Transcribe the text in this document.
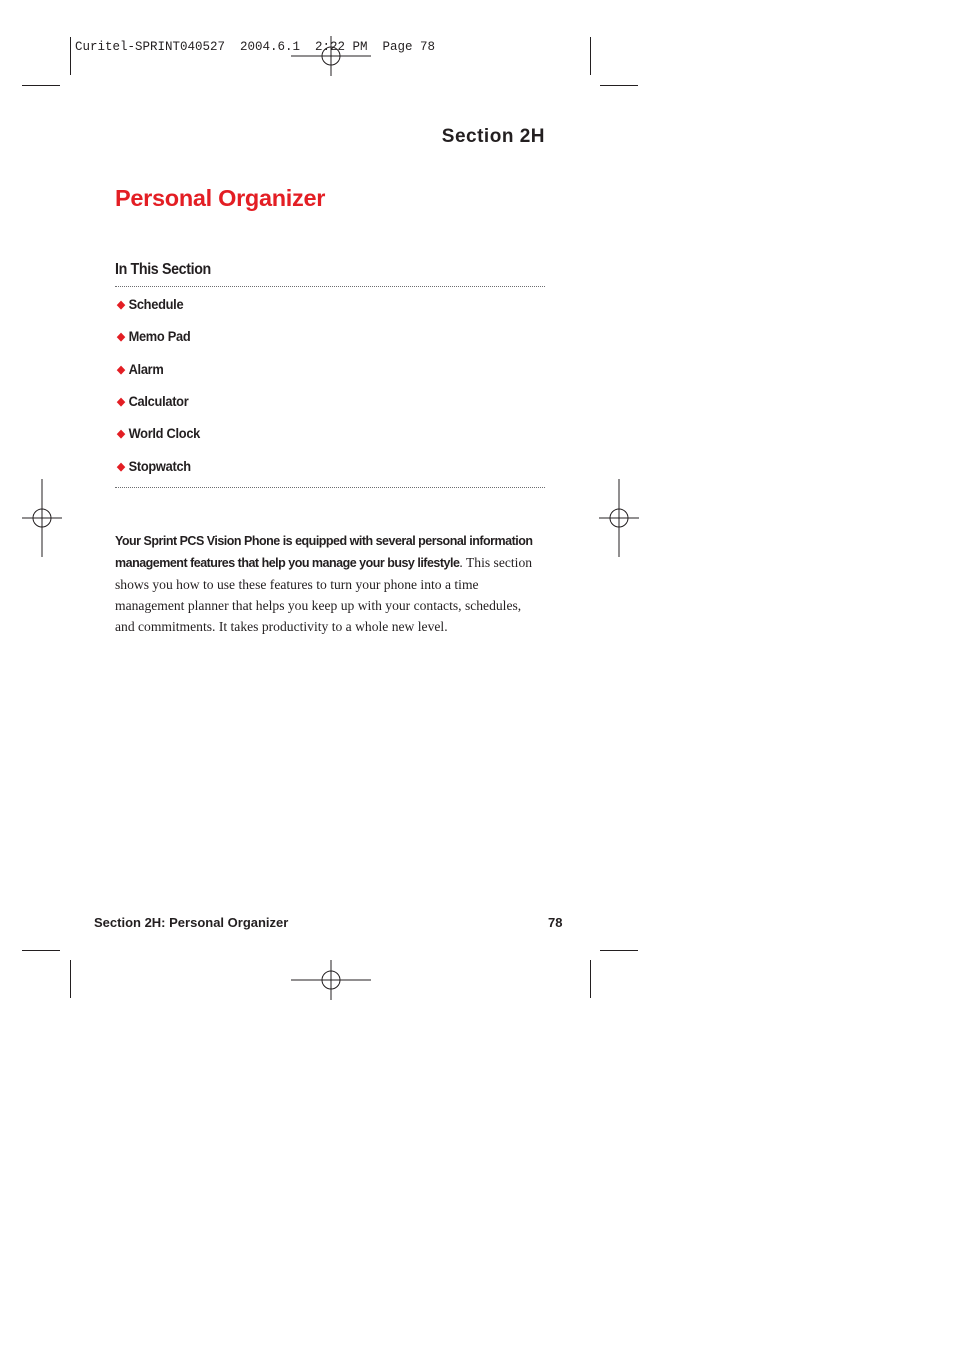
Curitel-SPRINT040527  2004.6.1  2:22 PM  Page 78
Section 2H
Personal Organizer
In This Section
◆ Schedule
◆ Memo Pad
◆ Alarm
◆ Calculator
◆ World Clock
◆ Stopwatch
Your Sprint PCS Vision Phone is equipped with several personal information management features that help you manage your busy lifestyle. This section shows you how to use these features to turn your phone into a time management planner that helps you keep up with your contacts, schedules, and commitments. It takes productivity to a whole new level.
Section 2H: Personal Organizer	78
